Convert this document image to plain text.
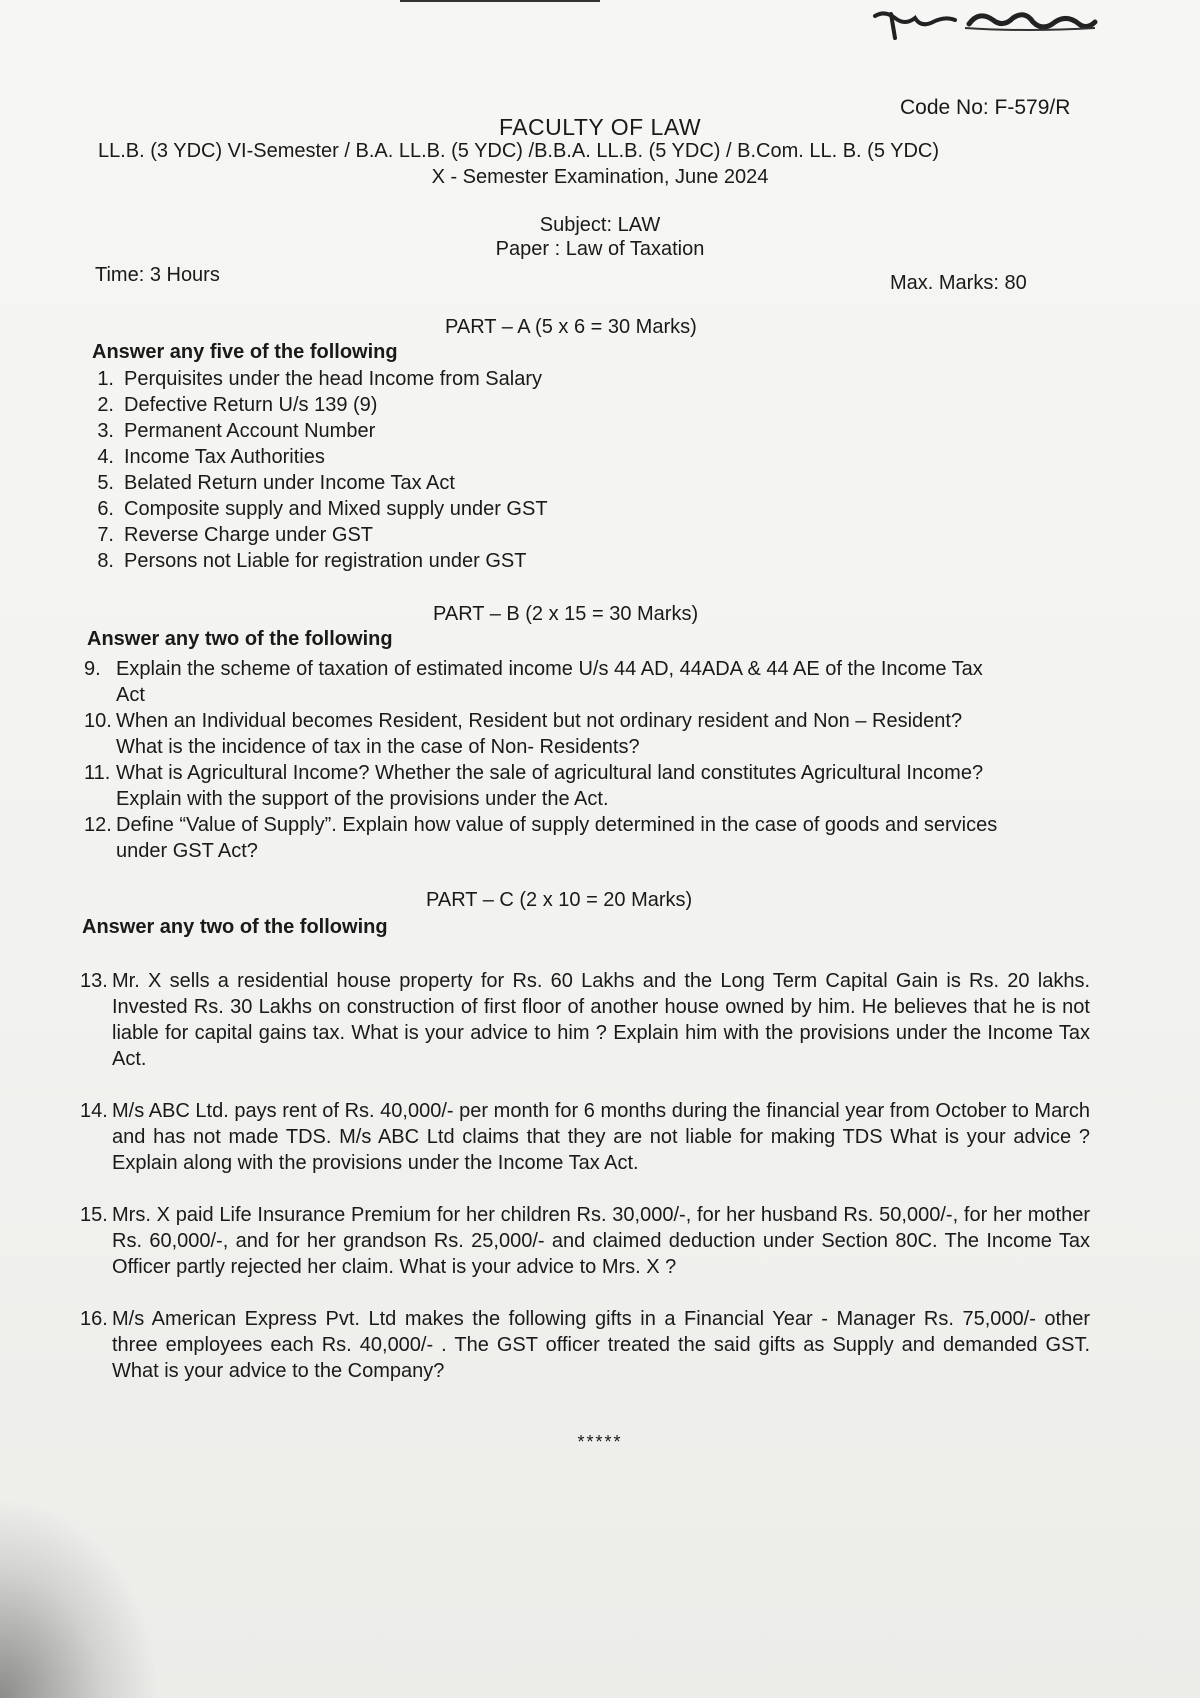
Code No: F-579/R
FACULTY OF LAW
LL.B. (3 YDC) VI-Semester / B.A. LL.B. (5 YDC) /B.B.A. LL.B. (5 YDC) / B.Com. LL. B. (5 YDC)
X - Semester Examination, June 2024
Subject: LAW
Paper : Law of Taxation
Time: 3 Hours	Max. Marks: 80
PART – A (5 x 6 = 30 Marks)
Answer any five of the following
1. Perquisites under the head Income from Salary
2. Defective Return U/s 139 (9)
3. Permanent Account Number
4. Income Tax Authorities
5. Belated Return under Income Tax Act
6. Composite supply and Mixed supply under GST
7. Reverse Charge under GST
8. Persons not Liable for registration under GST
PART – B (2 x 15 = 30 Marks)
Answer any two of the following
9. Explain the scheme of taxation of estimated income U/s 44 AD, 44ADA & 44 AE of the Income Tax Act
10. When an Individual becomes Resident, Resident but not ordinary resident and Non – Resident? What is the incidence of tax in the case of Non- Residents?
11. What is Agricultural Income? Whether the sale of agricultural land constitutes Agricultural Income? Explain with the support of the provisions under the Act.
12. Define “Value of Supply”. Explain how value of supply determined in the case of goods and services under GST Act?
PART – C (2 x 10 = 20 Marks)
Answer any two of the following
13. Mr. X sells a residential house property for Rs. 60 Lakhs and the Long Term Capital Gain is Rs. 20 lakhs. Invested Rs. 30 Lakhs on construction of first floor of another house owned by him. He believes that he is not liable for capital gains tax. What is your advice to him ? Explain him with the provisions under the Income Tax Act.
14. M/s ABC Ltd. pays rent of Rs. 40,000/- per month for 6 months during the financial year from October to March and has not made TDS. M/s ABC Ltd claims that they are not liable for making TDS What is your advice ? Explain along with the provisions under the Income Tax Act.
15. Mrs. X paid Life Insurance Premium for her children Rs. 30,000/-, for her husband Rs. 50,000/-, for her mother Rs. 60,000/-, and for her grandson Rs. 25,000/- and claimed deduction under Section 80C. The Income Tax Officer partly rejected her claim. What is your advice to Mrs. X ?
16. M/s American Express Pvt. Ltd makes the following gifts in a Financial Year - Manager Rs. 75,000/- other three employees each Rs. 40,000/- . The GST officer treated the said gifts as Supply and demanded GST. What is your advice to the Company?
*****
